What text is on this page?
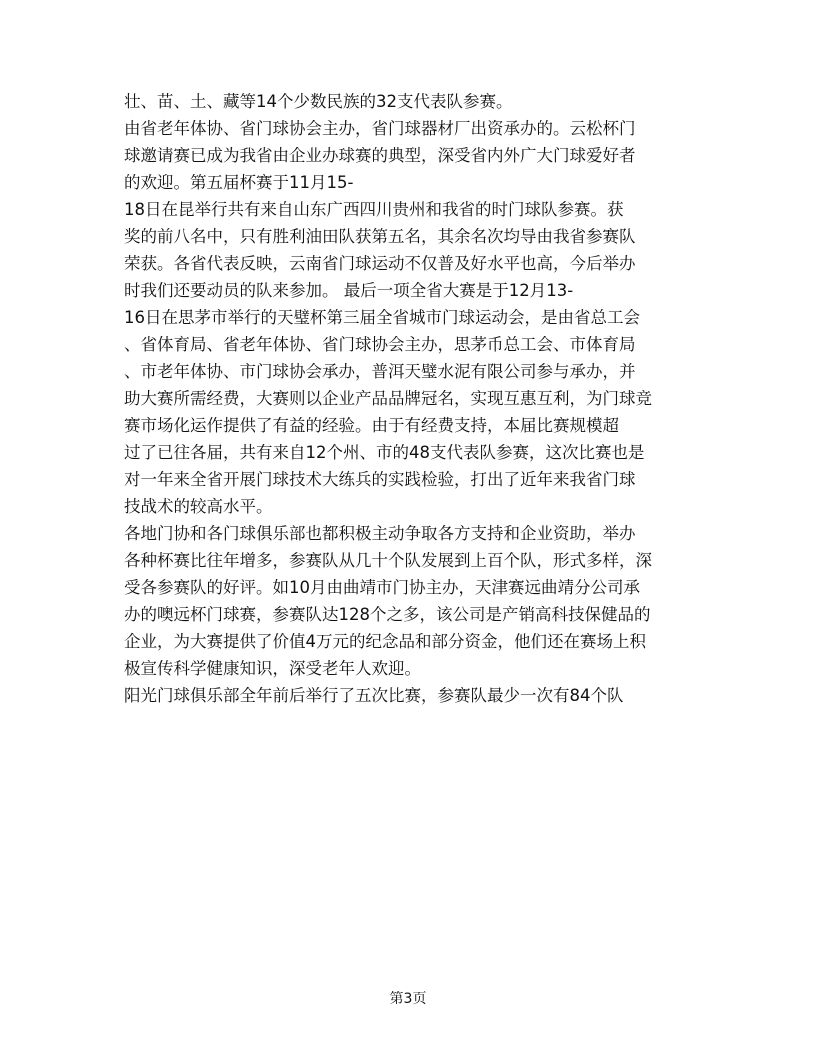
壮、苗、土、藏等14个少数民族的32支代表队参赛。
由省老年体协、省门球协会主办，省门球器材厂出资承办的。云松杯门
球邀请赛已成为我省由企业办球赛的典型，深受省内外广大门球爱好者
的欢迎。第五届杯赛于11月15-
18日在昆举行共有来自山东广西四川贵州和我省的时门球队参赛。获
奖的前八名中，只有胜利油田队获第五名，其余名次均导由我省参赛队
荣获。各省代表反映，云南省门球运动不仅普及好水平也高，今后举办
时我们还要动员的队来参加。 最后一项全省大赛是于12月13-
16日在思茅市举行的天璧杯第三届全省城市门球运动会，是由省总工会
、省体育局、省老年体协、省门球协会主办，思茅币总工会、市体育局
、市老年体协、市门球协会承办，普洱天璧水泥有限公司参与承办，并
助大赛所需经费，大赛则以企业产品品牌冠名，实现互惠互利，为门球竞
赛市场化运作提供了有益的经验。由于有经费支持，本届比赛规模超
过了已往各届，共有来自12个州、市的48支代表队参赛，这次比赛也是
对一年来全省开展门球技术大练兵的实践检验，打出了近年来我省门球
技战术的较高水平。
各地门协和各门球俱乐部也都积极主动争取各方支持和企业资助，举办
各种杯赛比往年增多，参赛队从几十个队发展到上百个队，形式多样，深
受各参赛队的好评。如10月由曲靖市门协主办，天津赛远曲靖分公司承
办的噢远杯门球赛，参赛队达128个之多，该公司是产销高科技保健品的
企业，为大赛提供了价值4万元的纪念品和部分资金，他们还在赛场上积
极宣传科学健康知识，深受老年人欢迎。
阳光门球俱乐部全年前后举行了五次比赛，参赛队最少一次有84个队
第3页
